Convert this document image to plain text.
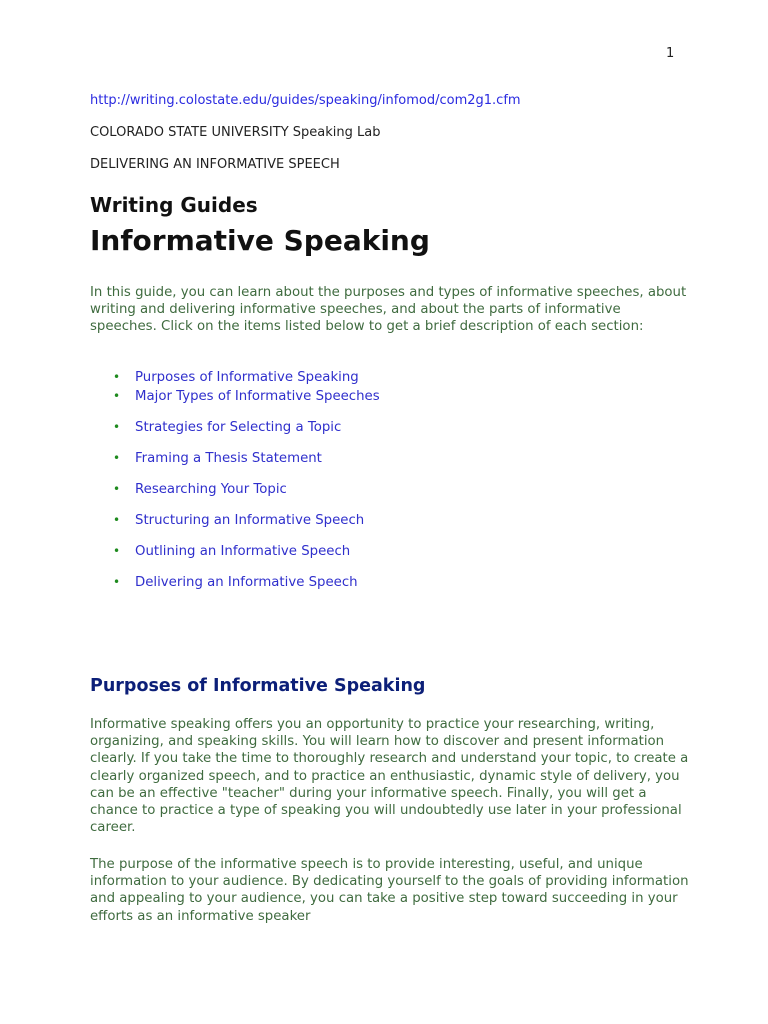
1
http://writing.colostate.edu/guides/speaking/infomod/com2g1.cfm
COLORADO STATE UNIVERSITY Speaking Lab
DELIVERING AN INFORMATIVE SPEECH
Writing Guides
Informative Speaking
In this guide, you can learn about the purposes and types of informative speeches, about writing and delivering informative speeches, and about the parts of informative speeches. Click on the items listed below to get a brief description of each section:
• Purposes of Informative Speaking
• Major Types of Informative Speeches
• Strategies for Selecting a Topic
• Framing a Thesis Statement
• Researching Your Topic
• Structuring an Informative Speech
• Outlining an Informative Speech
• Delivering an Informative Speech
Purposes of Informative Speaking
Informative speaking offers you an opportunity to practice your researching, writing, organizing, and speaking skills. You will learn how to discover and present information clearly. If you take the time to thoroughly research and understand your topic, to create a clearly organized speech, and to practice an enthusiastic, dynamic style of delivery, you can be an effective "teacher" during your informative speech. Finally, you will get a chance to practice a type of speaking you will undoubtedly use later in your professional career.
The purpose of the informative speech is to provide interesting, useful, and unique information to your audience. By dedicating yourself to the goals of providing information and appealing to your audience, you can take a positive step toward succeeding in your efforts as an informative speaker
